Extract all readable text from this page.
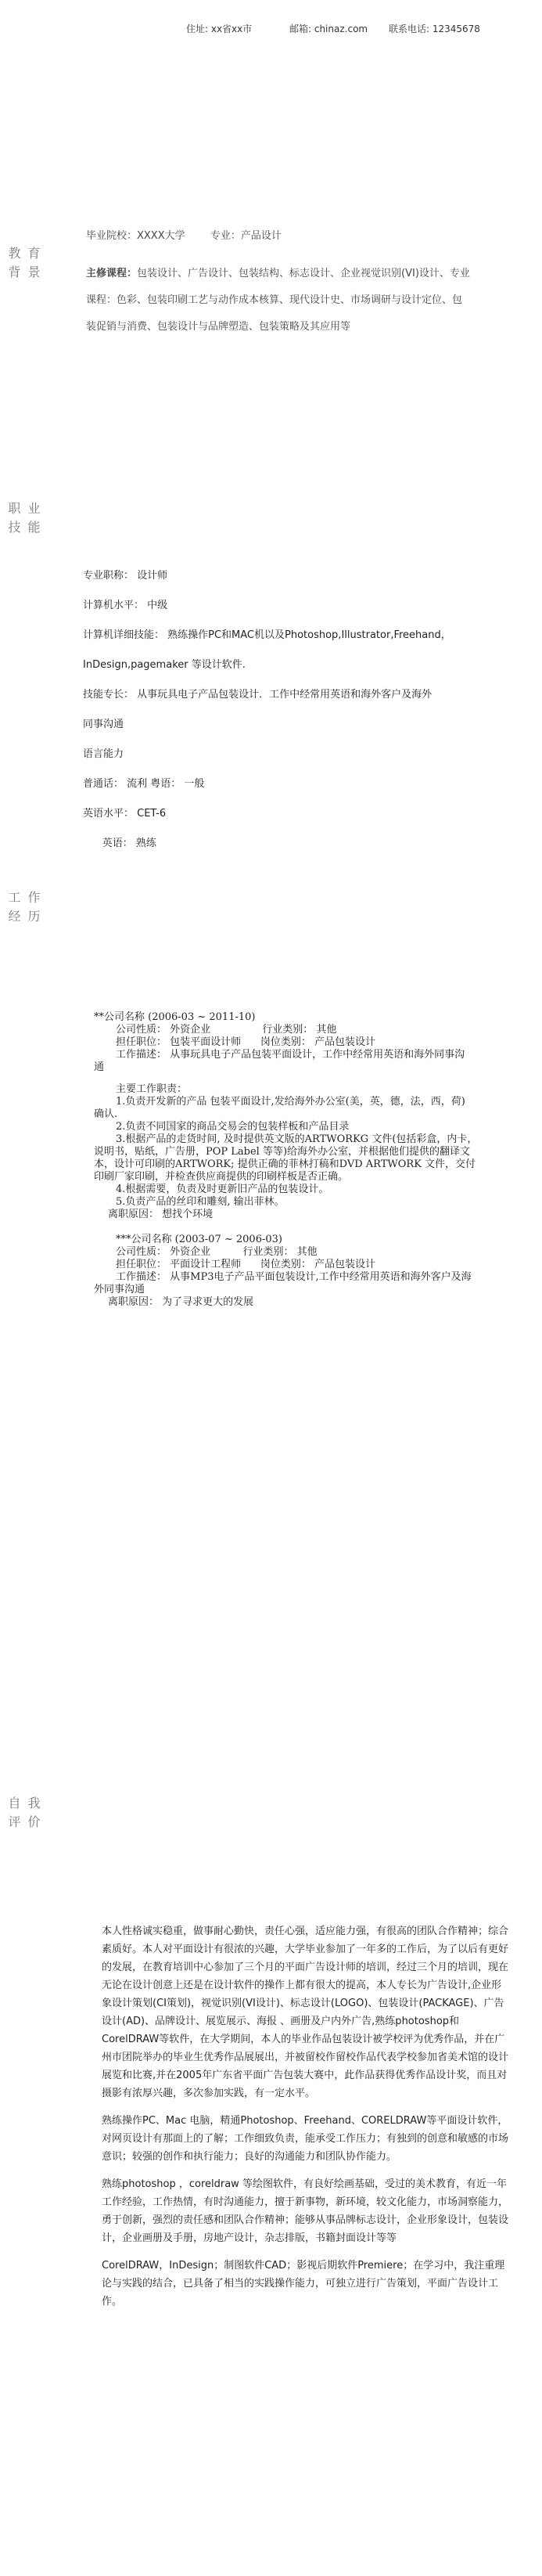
住址: xx省xx市	邮箱: chinaz.com 联系电话: 12345678
教 育
背 景
职 业
技 能
工 作
经 历
自 我
评 价
毕业院校：XXXX大学 专业：产品设计
主修课程：包装设计、广告设计、包装结构、标志设计、企业视觉识别(VI)设计、专业
课程：色彩、包装印刷工艺与动作成本核算、现代设计史、市场调研与设计定位、包
装促销与消费、包装设计与品牌塑造、包装策略及其应用等

专业职称： 设计师

计算机水平： 中级

计算机详细技能： 熟练操作PC和MAC机以及Photoshop,Illustrator,Freehand，

InDesign,pagemaker 等设计软件.

技能专长： 从事玩具电子产品包装设计．工作中经常用英语和海外客户及海外

同事沟通

语言能力

普通话： 流利 粤语： 一般

英语水平： CET-6

英语： 熟练

**公司名称 (2006-03 ~ 2011-10)
公司性质： 外资企业                行业类别： 其他
担任职位： 包装平面设计师      岗位类别： 产品包装设计
工作描述： 从事玩具电子产品包装平面设计，工作中经常用英语和海外同事沟
通
主要工作职责：
1.负责开发新的产品 包装平面设计,发给海外办公室(美，英，德，法，西，荷)
确认.
2.负责不同国家的商品交易会的包装样板和产品目录
3.根据产品的走货时间, 及时提供英文版的ARTWORKG 文件(包括彩盒，内卡，
说明书，贴纸，广告册，POP Label 等等)给海外办公室，并根据他们提供的翻译文
本，设计可印刷的ARTWORK; 提供正确的菲林打稿和DVD ARTWORK 文件，交付
印刷厂家印刷，并检查供应商提供的印刷样板是否正确。
4.根据需要，负责及时更新旧产品的包装设计。
5.负责产品的丝印和雕刻, 输出菲林。
离职原因： 想找个环境
***公司名称 (2003-07 ~ 2006-03)
公司性质： 外资企业          行业类别： 其他
担任职位： 平面设计工程师      岗位类别： 产品包装设计
工作描述： 从事MP3电子产品平面包装设计,工作中经常用英语和海外客户及海
外同事沟通
离职原因： 为了寻求更大的发展

本人性格诚实稳重，做事耐心勤快，责任心强，适应能力强，有很高的团队合作精神；综合素质好。本人对平面设计有很浓的兴趣，大学毕业参加了一年多的工作后，为了以后有更好的发展，在教育培训中心参加了三个月的平面广告设计师的培训，经过三个月的培训，现在无论在设计创意上还是在设计软件的操作上都有很大的提高，本人专长为广告设计,企业形象设计策划(CI策划)，视觉识别(VI设计)、标志设计(LOGO)、包装设计(PACKAGE)、广告设计(AD)、品牌设计、展览展示、海报 、画册及户内外广告,熟练photoshop和CorelDRAW等软件，在大学期间，本人的毕业作品包装设计被学校评为优秀作品，并在广州市团院举办的毕业生优秀作品展展出，并被留校作留校作品代表学校参加省美术馆的设计展览和比赛,并在2005年广东省平面广告包装大赛中，此作品获得优秀作品设计奖，而且对摄影有浓厚兴趣，多次参加实践，有一定水平。

熟练操作PC、Mac 电脑，精通Photoshop、Freehand、CORELDRAW等平面设计软件，对网页设计有那面上的了解；工作细致负责，能承受工作压力；有独到的创意和敏感的市场意识；较强的创作和执行能力；良好的沟通能力和团队协作能力。

熟练photoshop ，coreldraw 等绘图软件，有良好绘画基础，受过的美术教育，有近一年工作经验，工作热情，有时沟通能力，擅于新事物，新环境，较文化能力，市场洞察能力，勇于创新，强烈的责任感和团队合作精神；能够从事品牌标志设计，企业形象设计，包装设计，企业画册及手册，房地产设计，杂志排版，书籍封面设计等等

CorelDRAW，InDesign；制图软件CAD；影视后期软件Premiere；在学习中，我注重理论与实践的结合，已具备了相当的实践操作能力，可独立进行广告策划，平面广告设计工作。
